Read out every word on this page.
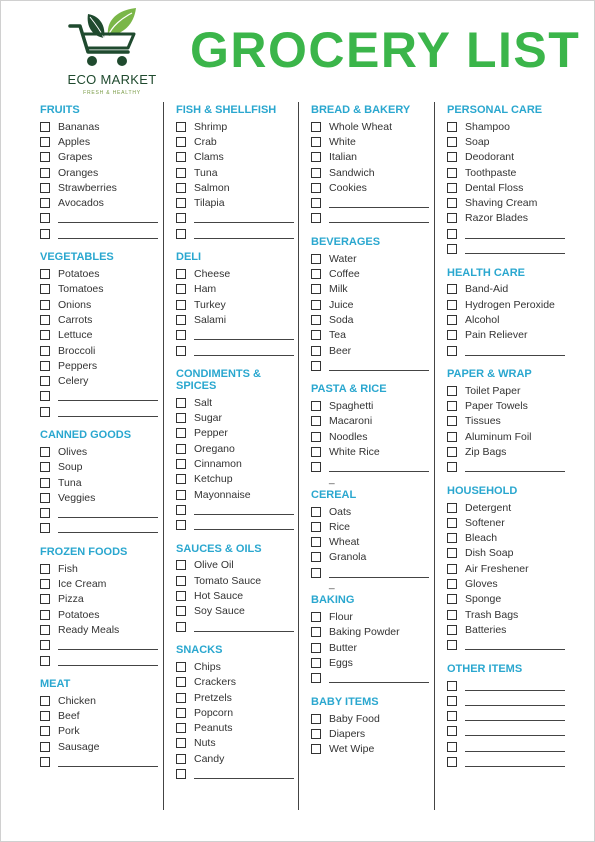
ECO MARKET
FRESH & HEALTHY
GROCERY LIST
FRUITS
Bananas
Apples
Grapes
Oranges
Strawberries
Avocados
VEGETABLES
Potatoes
Tomatoes
Onions
Carrots
Lettuce
Broccoli
Peppers
Celery
CANNED GOODS
Olives
Soup
Tuna
Veggies
FROZEN FOODS
Fish
Ice Cream
Pizza
Potatoes
Ready Meals
MEAT
Chicken
Beef
Pork
Sausage
FISH & SHELLFISH
Shrimp
Crab
Clams
Tuna
Salmon
Tilapia
DELI
Cheese
Ham
Turkey
Salami
CONDIMENTS & SPICES
Salt
Sugar
Pepper
Oregano
Cinnamon
Ketchup
Mayonnaise
SAUCES & OILS
Olive Oil
Tomato Sauce
Hot Sauce
Soy Sauce
SNACKS
Chips
Crackers
Pretzels
Popcorn
Peanuts
Nuts
Candy
BREAD & BAKERY
Whole Wheat
White
Italian
Sandwich
Cookies
BEVERAGES
Water
Coffee
Milk
Juice
Soda
Tea
Beer
PASTA & RICE
Spaghetti
Macaroni
Noodles
White Rice
_
CEREAL
Oats
Rice
Wheat
Granola
_
BAKING
Flour
Baking Powder
Butter
Eggs
BABY ITEMS
Baby Food
Diapers
Wet Wipe
PERSONAL CARE
Shampoo
Soap
Deodorant
Toothpaste
Dental Floss
Shaving Cream
Razor Blades
HEALTH CARE
Band-Aid
Hydrogen Peroxide
Alcohol
Pain Reliever
PAPER & WRAP
Toilet Paper
Paper Towels
Tissues
Aluminum Foil
Zip Bags
HOUSEHOLD
Detergent
Softener
Bleach
Dish Soap
Air Freshener
Gloves
Sponge
Trash Bags
Batteries
OTHER ITEMS
